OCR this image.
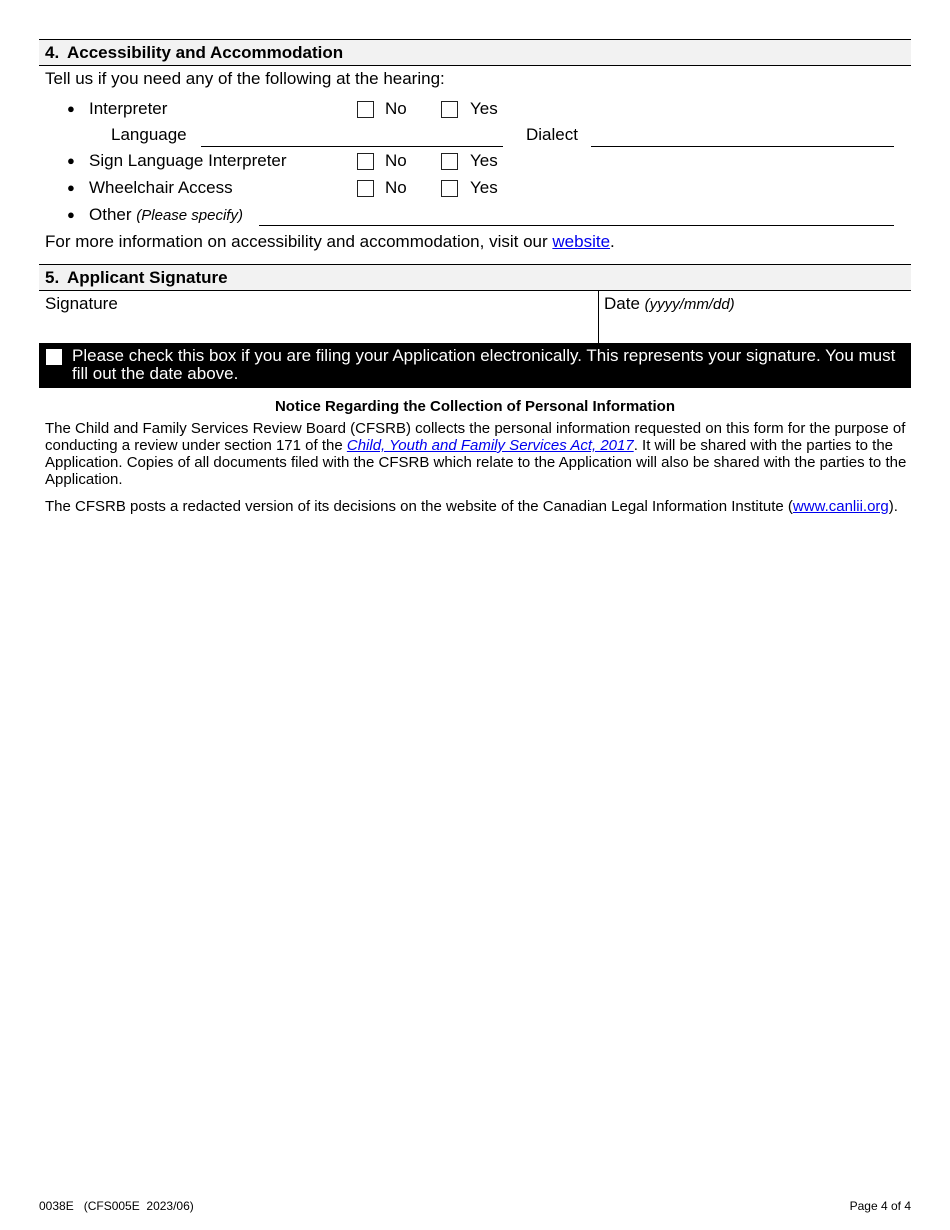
4. Accessibility and Accommodation
Tell us if you need any of the following at the hearing:
● Interpreter	No	Yes
Language	Dialect
● Sign Language Interpreter	No	Yes
● Wheelchair Access	No	Yes
● Other (Please specify)
For more information on accessibility and accommodation, visit our website.
5. Applicant Signature
Signature	Date (yyyy/mm/dd)
Please check this box if you are filing your Application electronically. This represents your signature. You must fill out the date above.
Notice Regarding the Collection of Personal Information
The Child and Family Services Review Board (CFSRB) collects the personal information requested on this form for the purpose of conducting a review under section 171 of the Child, Youth and Family Services Act, 2017. It will be shared with the parties to the Application. Copies of all documents filed with the CFSRB which relate to the Application will also be shared with the parties to the Application.
The CFSRB posts a redacted version of its decisions on the website of the Canadian Legal Information Institute (www.canlii.org).
0038E   (CFS005E  2023/06)	Page 4 of 4
